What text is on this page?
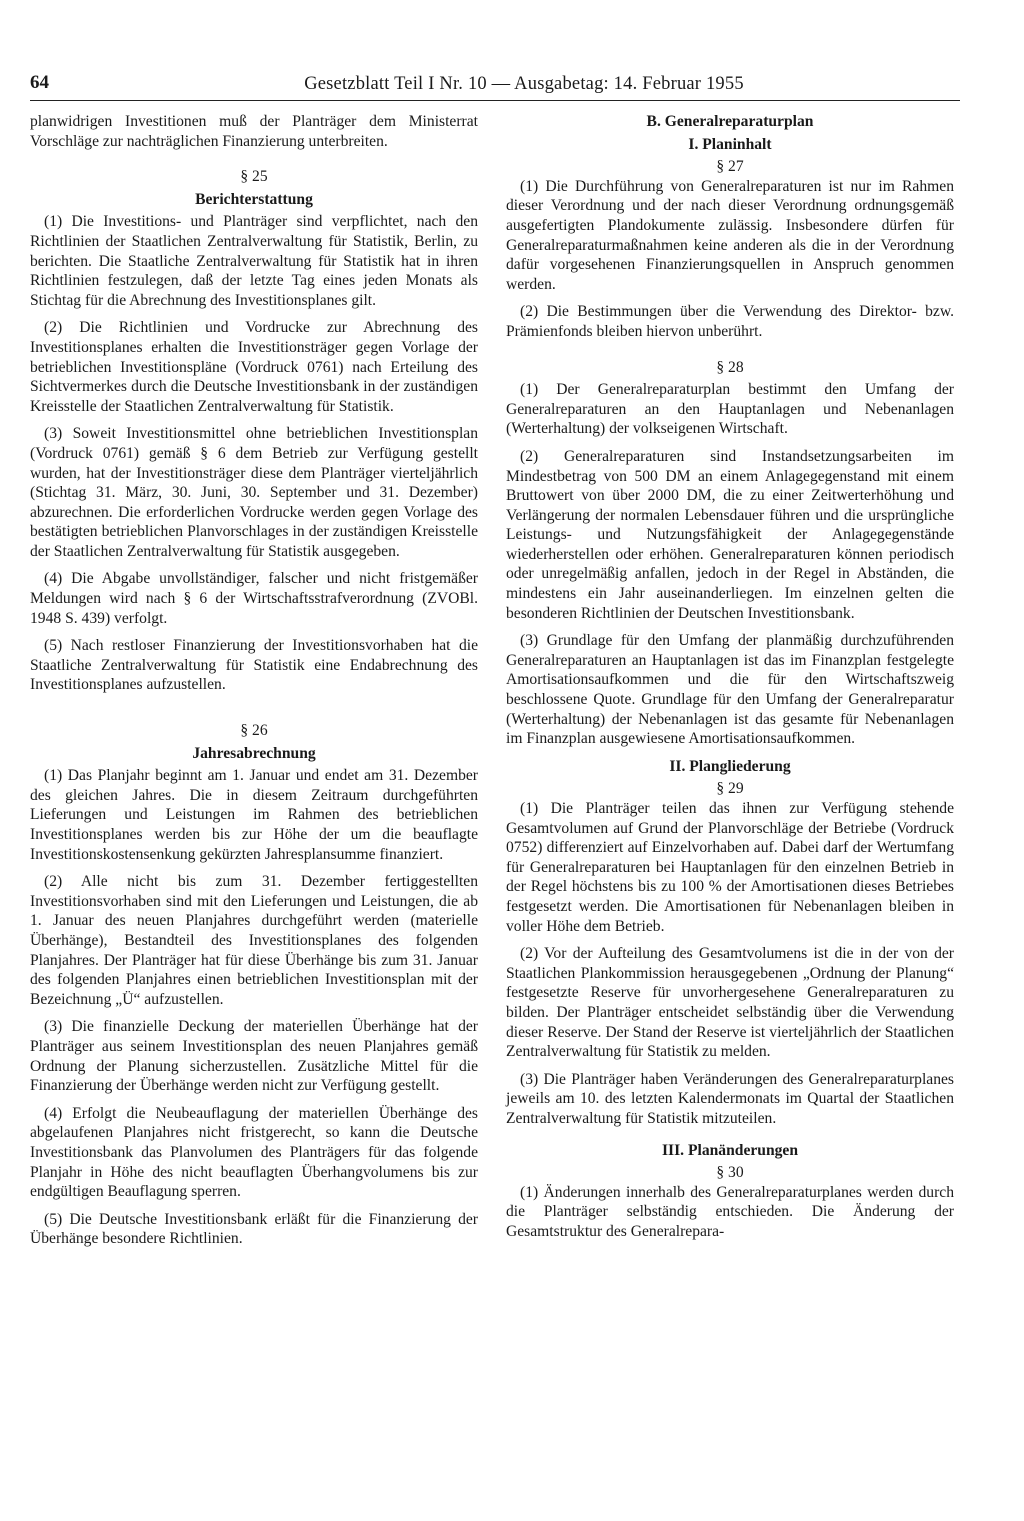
64	Gesetzblatt Teil I Nr. 10 — Ausgabetag: 14. Februar 1955

planwidrigen Investitionen muß der Planträger dem Ministerrat Vorschläge zur nachträglichen Finanzierung unterbreiten.

§ 25
Berichterstattung

(1) Die Investitions- und Planträger sind verpflichtet, nach den Richtlinien der Staatlichen Zentralverwaltung für Statistik, Berlin, zu berichten. Die Staatliche Zentralverwaltung für Statistik hat in ihren Richtlinien festzulegen, daß der letzte Tag eines jeden Monats als Stichtag für die Abrechnung des Investitionsplanes gilt.

(2) Die Richtlinien und Vordrucke zur Abrechnung des Investitionsplanes erhalten die Investitionsträger gegen Vorlage der betrieblichen Investitionspläne (Vordruck 0761) nach Erteilung des Sichtvermerkes durch die Deutsche Investitionsbank in der zuständigen Kreisstelle der Staatlichen Zentralverwaltung für Statistik.

(3) Soweit Investitionsmittel ohne betrieblichen Investitionsplan (Vordruck 0761) gemäß § 6 dem Betrieb zur Verfügung gestellt wurden, hat der Investitionsträger diese dem Planträger vierteljährlich (Stichtag 31. März, 30. Juni, 30. September und 31. Dezember) abzurechnen. Die erforderlichen Vordrucke werden gegen Vorlage des bestätigten betrieblichen Planvorschlages in der zuständigen Kreisstelle der Staatlichen Zentralverwaltung für Statistik ausgegeben.

(4) Die Abgabe unvollständiger, falscher und nicht fristgemäßer Meldungen wird nach § 6 der Wirtschaftsstrafverordnung (ZVOBl. 1948 S. 439) verfolgt.

(5) Nach restloser Finanzierung der Investitionsvorhaben hat die Staatliche Zentralverwaltung für Statistik eine Endabrechnung des Investitionsplanes aufzustellen.

§ 26
Jahresabrechnung

(1) Das Planjahr beginnt am 1. Januar und endet am 31. Dezember des gleichen Jahres. Die in diesem Zeitraum durchgeführten Lieferungen und Leistungen im Rahmen des betrieblichen Investitionsplanes werden bis zur Höhe der um die beauflagte Investitionskostensenkung gekürzten Jahresplansumme finanziert.

(2) Alle nicht bis zum 31. Dezember fertiggestellten Investitionsvorhaben sind mit den Lieferungen und Leistungen, die ab 1. Januar des neuen Planjahres durchgeführt werden (materielle Überhänge), Bestandteil des Investitionsplanes des folgenden Planjahres. Der Planträger hat für diese Überhänge bis zum 31. Januar des folgenden Planjahres einen betrieblichen Investitionsplan mit der Bezeichnung „Ü“ aufzustellen.

(3) Die finanzielle Deckung der materiellen Überhänge hat der Planträger aus seinem Investitionsplan des neuen Planjahres gemäß Ordnung der Planung sicherzustellen. Zusätzliche Mittel für die Finanzierung der Überhänge werden nicht zur Verfügung gestellt.

(4) Erfolgt die Neubeauflagung der materiellen Überhänge des abgelaufenen Planjahres nicht fristgerecht, so kann die Deutsche Investitionsbank das Planvolumen des Planträgers für das folgende Planjahr in Höhe des nicht beauflagten Überhangvolumens bis zur endgültigen Beauflagung sperren.

(5) Die Deutsche Investitionsbank erläßt für die Finanzierung der Überhänge besondere Richtlinien.

B. Generalreparaturplan
I. Planinhalt
§ 27

(1) Die Durchführung von Generalreparaturen ist nur im Rahmen dieser Verordnung und der nach dieser Verordnung ordnungsgemäß ausgefertigten Plandokumente zulässig. Insbesondere dürfen für Generalreparaturmaßnahmen keine anderen als die in der Verordnung dafür vorgesehenen Finanzierungsquellen in Anspruch genommen werden.

(2) Die Bestimmungen über die Verwendung des Direktor- bzw. Prämienfonds bleiben hiervon unberührt.

§ 28

(1) Der Generalreparaturplan bestimmt den Umfang der Generalreparaturen an den Hauptanlagen und Nebenanlagen (Werterhaltung) der volkseigenen Wirtschaft.

(2) Generalreparaturen sind Instandsetzungsarbeiten im Mindestbetrag von 500 DM an einem Anlagegegenstand mit einem Bruttowert von über 2000 DM, die zu einer Zeitwerterhöhung und Verlängerung der normalen Lebensdauer führen und die ursprüngliche Leistungs- und Nutzungsfähigkeit der Anlagegegenstände wiederherstellen oder erhöhen. Generalreparaturen können periodisch oder unregelmäßig anfallen, jedoch in der Regel in Abständen, die mindestens ein Jahr auseinanderliegen. Im einzelnen gelten die besonderen Richtlinien der Deutschen Investitionsbank.

(3) Grundlage für den Umfang der planmäßig durchzuführenden Generalreparaturen an Hauptanlagen ist das im Finanzplan festgelegte Amortisationsaufkommen und die für den Wirtschaftszweig beschlossene Quote. Grundlage für den Umfang der Generalreparatur (Werterhaltung) der Nebenanlagen ist das gesamte für Nebenanlagen im Finanzplan ausgewiesene Amortisationsaufkommen.

II. Plangliederung
§ 29

(1) Die Planträger teilen das ihnen zur Verfügung stehende Gesamtvolumen auf Grund der Planvorschläge der Betriebe (Vordruck 0752) differenziert auf Einzelvorhaben auf. Dabei darf der Wertumfang für Generalreparaturen bei Hauptanlagen für den einzelnen Betrieb in der Regel höchstens bis zu 100 % der Amortisationen dieses Betriebes festgesetzt werden. Die Amortisationen für Nebenanlagen bleiben in voller Höhe dem Betrieb.

(2) Vor der Aufteilung des Gesamtvolumens ist die in der von der Staatlichen Plankommission herausgegebenen „Ordnung der Planung“ festgesetzte Reserve für unvorhergesehene Generalreparaturen zu bilden. Der Planträger entscheidet selbständig über die Verwendung dieser Reserve. Der Stand der Reserve ist vierteljährlich der Staatlichen Zentralverwaltung für Statistik zu melden.

(3) Die Planträger haben Veränderungen des Generalreparaturplanes jeweils am 10. des letzten Kalendermonats im Quartal der Staatlichen Zentralverwaltung für Statistik mitzuteilen.

III. Planänderungen
§ 30

(1) Änderungen innerhalb des Generalreparaturplanes werden durch die Planträger selbständig entschieden. Die Änderung der Gesamtstruktur des Generalrepara-
